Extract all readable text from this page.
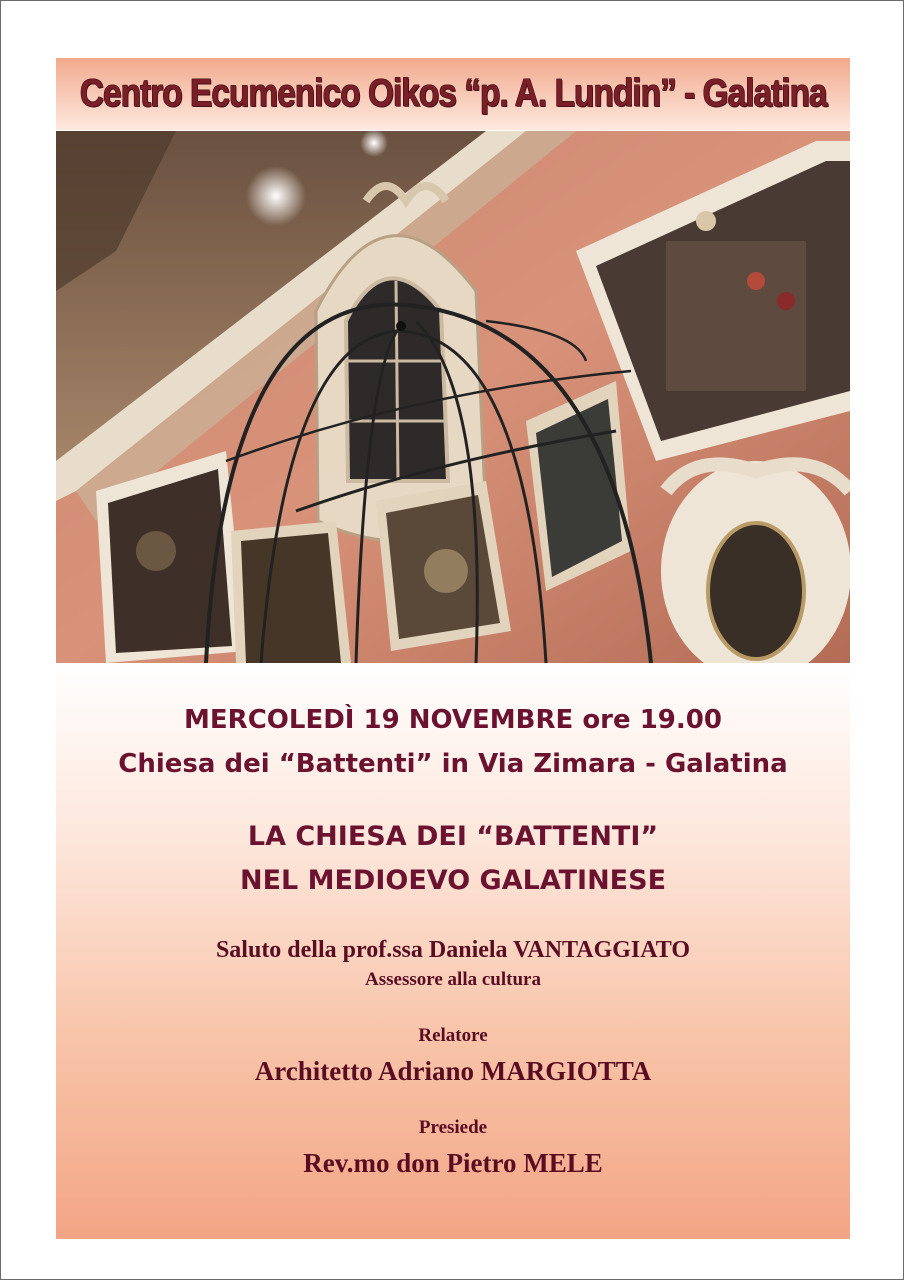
Centro Ecumenico Oikos “p. A. Lundin” - Galatina
MERCOLEDÌ 19 NOVEMBRE ore 19.00
Chiesa dei “Battenti” in Via Zimara - Galatina
LA CHIESA DEI “BATTENTI”
NEL MEDIOEVO GALATINESE
Saluto della prof.ssa Daniela VANTAGGIATO
Assessore alla cultura
Relatore
Architetto Adriano MARGIOTTA
Presiede
Rev.mo don Pietro MELE
